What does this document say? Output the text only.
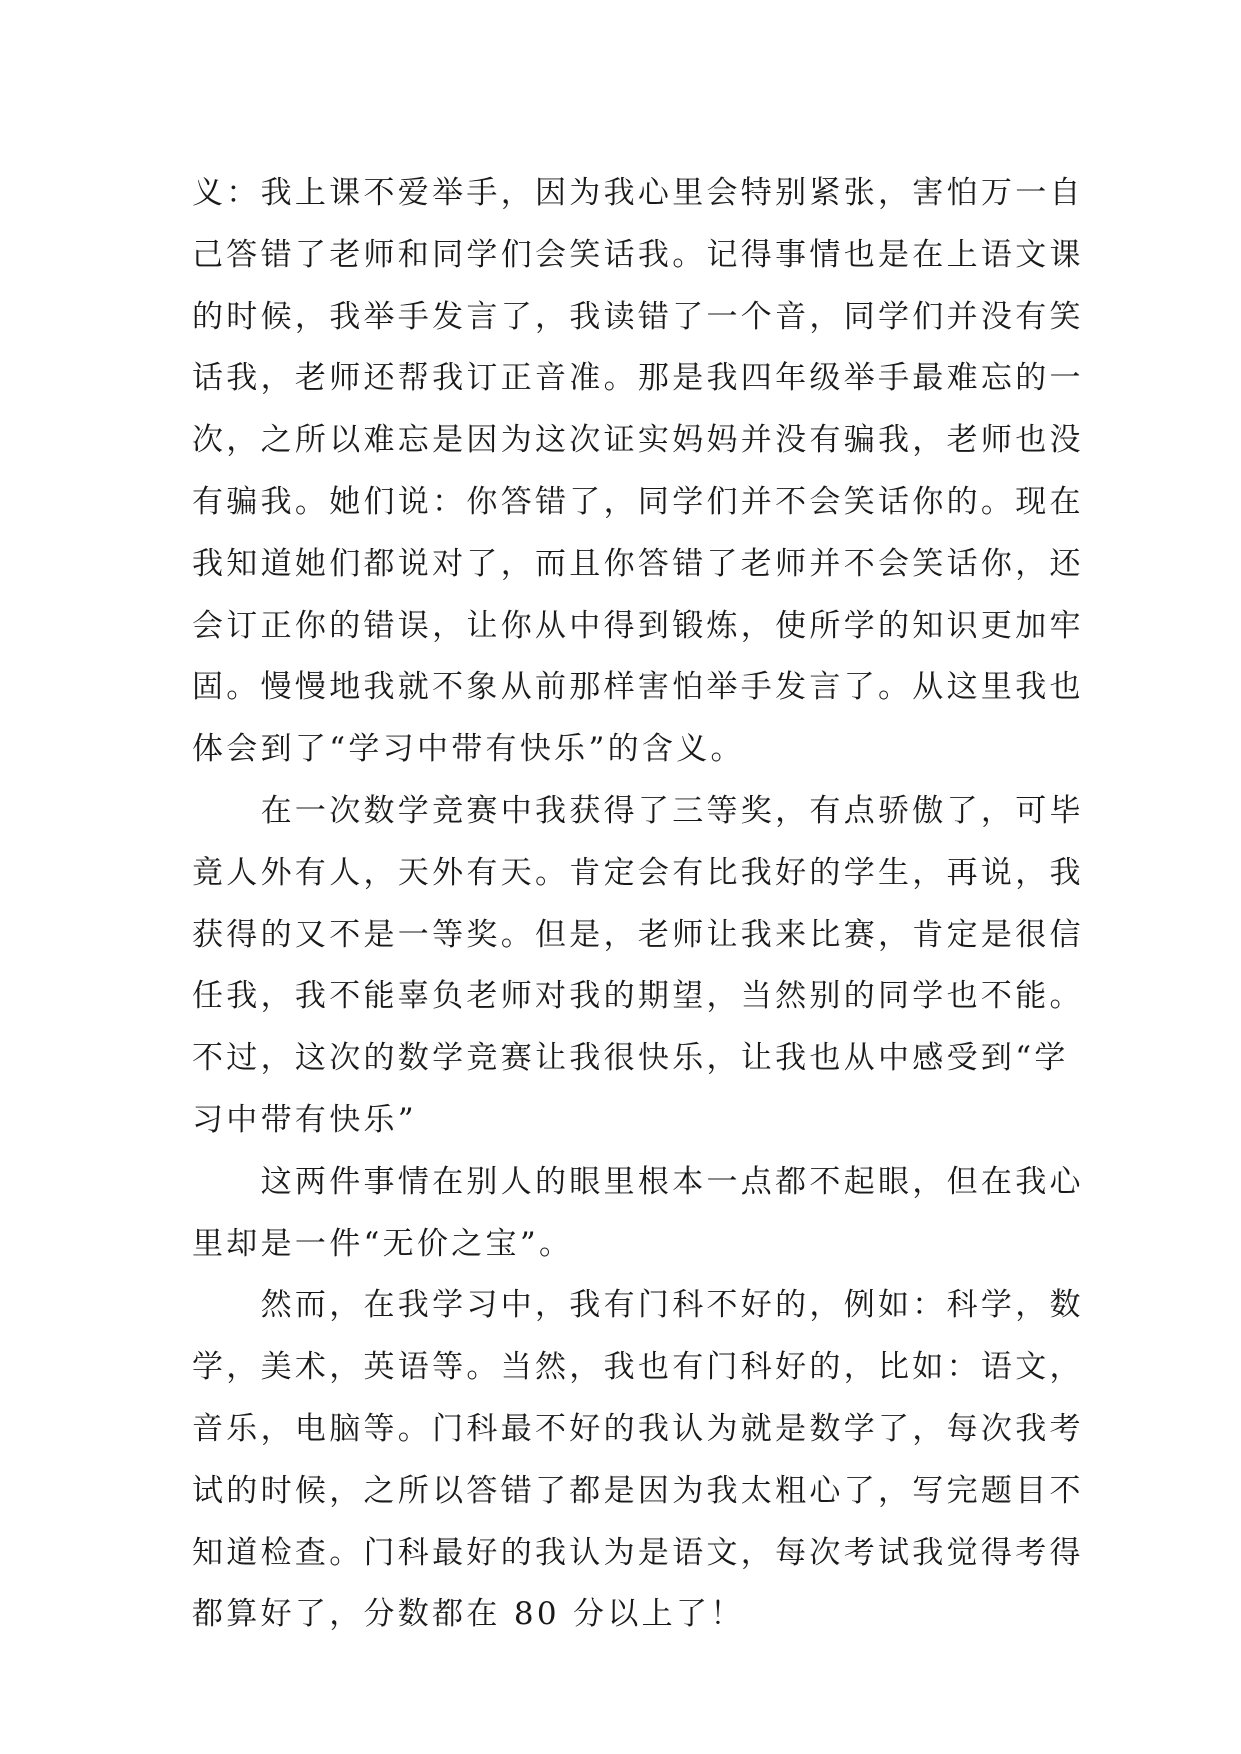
义：我上课不爱举手，因为我心里会特别紧张，害怕万一自
己答错了老师和同学们会笑话我。记得事情也是在上语文课
的时候，我举手发言了，我读错了一个音，同学们并没有笑
话我，老师还帮我订正音准。那是我四年级举手最难忘的一
次，之所以难忘是因为这次证实妈妈并没有骗我，老师也没
有骗我。她们说：你答错了，同学们并不会笑话你的。现在
我知道她们都说对了，而且你答错了老师并不会笑话你，还
会订正你的错误，让你从中得到锻炼，使所学的知识更加牢
固。慢慢地我就不象从前那样害怕举手发言了。从这里我也
体会到了“学习中带有快乐”的含义。
　　在一次数学竞赛中我获得了三等奖，有点骄傲了，可毕
竟人外有人，天外有天。肯定会有比我好的学生，再说，我
获得的又不是一等奖。但是，老师让我来比赛，肯定是很信
任我，我不能辜负老师对我的期望，当然别的同学也不能。
不过，这次的数学竞赛让我很快乐，让我也从中感受到“学
习中带有快乐”
　　这两件事情在别人的眼里根本一点都不起眼，但在我心
里却是一件“无价之宝”。
　　然而，在我学习中，我有门科不好的，例如：科学，数
学，美术，英语等。当然，我也有门科好的，比如：语文，
音乐，电脑等。门科最不好的我认为就是数学了，每次我考
试的时候，之所以答错了都是因为我太粗心了，写完题目不
知道检查。门科最好的我认为是语文，每次考试我觉得考得
都算好了，分数都在 80 分以上了！
